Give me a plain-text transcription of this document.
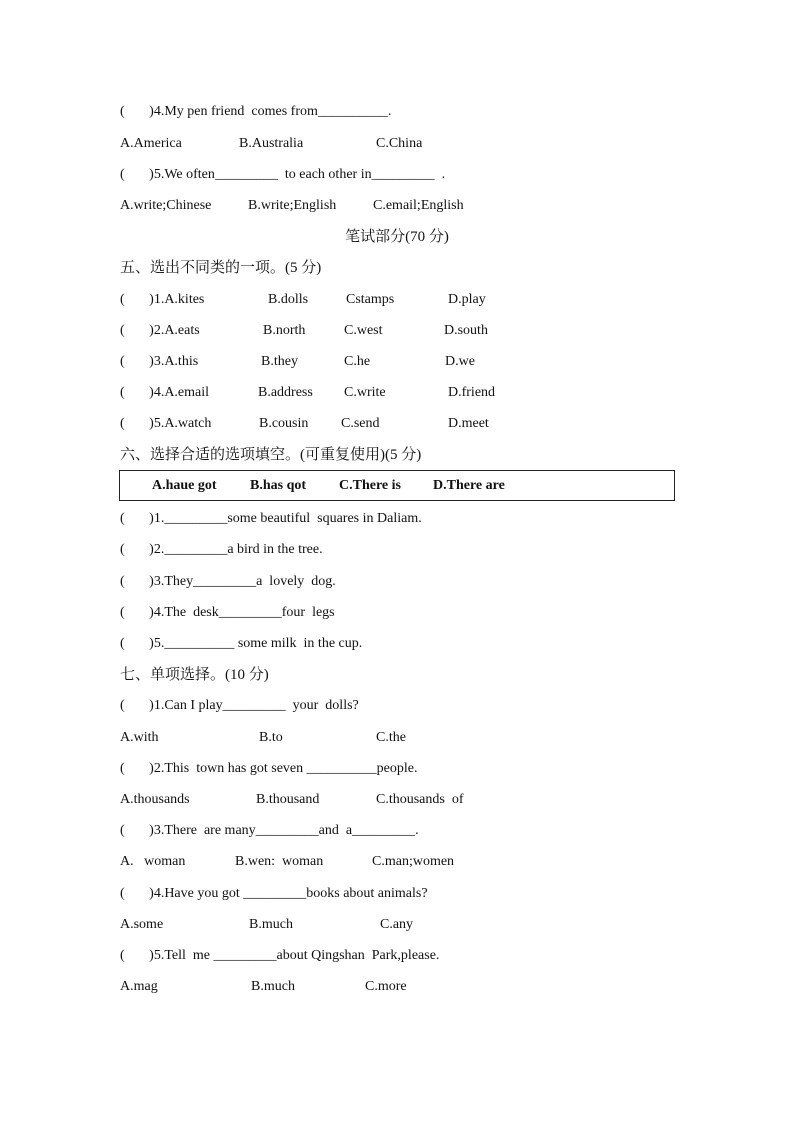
(       )4.My pen friend  comes from__________.
A.America	B.Australia	C.China
(       )5.We often_________  to each other in_________  .
A.write;Chinese	B.write;English	C.email;English
笔试部分(70 分)
五、选出不同类的一项。(5 分)
(       )1.A.kites	B.dolls	Cstamps	D.play
(       )2.A.eats	B.north	C.west	D.south
(       )3.A.this	B.they	C.he	D.we
(       )4.A.email	B.address C.write	D.friend
(       )5.A.watch	B.cousin C.send	D.meet
六、选择合适的选项填空。(可重复使用)(5 分)
A.haue got B.has qot C.There is D.There are
(       )1._________some beautiful  squares in Daliam.
(       )2._________a bird in the tree.
(       )3.They_________a  lovely  dog.
(       )4.The  desk_________four  legs
(       )5.__________ some milk  in the cup.
七、单项选择。(10 分)
(       )1.Can I play_________  your  dolls?
A.with	B.to	C.the
(       )2.This  town has got seven __________people.
A.thousands	B.thousand	C.thousands  of
(       )3.There  are many_________and  a_________.
A.   woman	B.wen:  woman	C.man;women
(       )4.Have you got _________books about animals?
A.some	B.much	C.any
(       )5.Tell  me _________about Qingshan  Park,please.
A.mag	B.much	C.more
